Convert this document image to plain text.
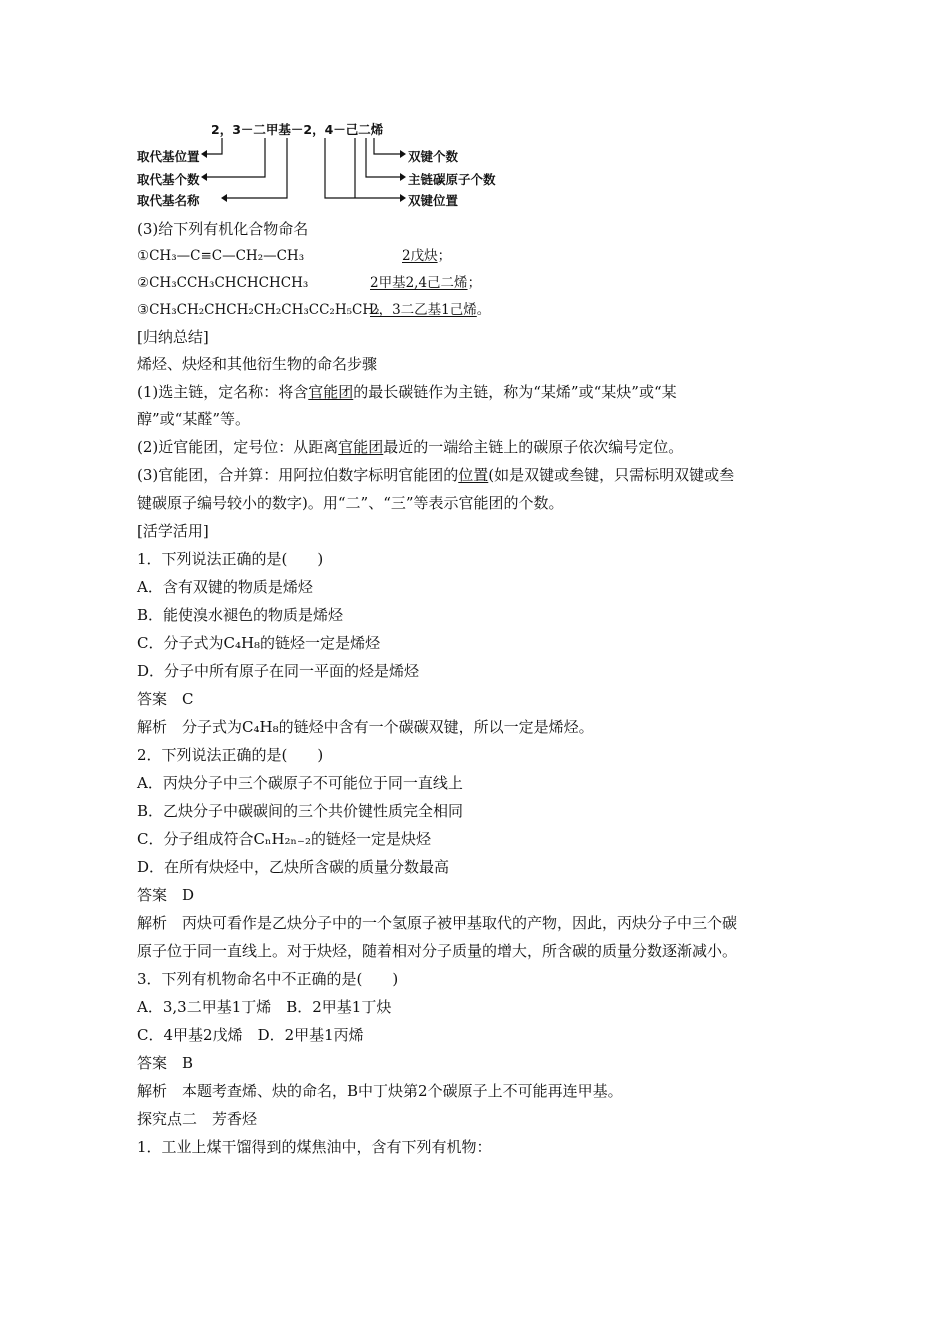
2，3－二甲基－2，4－己二烯
取代基位置
取代基个数
取代基名称
双键个数
主链碳原子个数
双键位置
(3)给下列有机化合物命名
①CH₃—C≡C—CH₂—CH₃	2戊炔；
②CH₃CCH₃CHCHCHCH₃	2甲基2,4己二烯；
③CH₃CH₂CHCH₂CH₂CH₃CC₂H₅CH₂
2，3二乙基1己烯。
[归纳总结]
烯烃、炔烃和其他衍生物的命名步骤
(1)选主链，定名称：将含官能团的最长碳链作为主链，称为“某烯”或“某炔”或“某
醇”或“某醛”等。
(2)近官能团，定号位：从距离官能团最近的一端给主链上的碳原子依次编号定位。
(3)官能团，合并算：用阿拉伯数字标明官能团的位置(如是双键或叁键，只需标明双键或叁
键碳原子编号较小的数字)。用“二”、“三”等表示官能团的个数。
[活学活用]
1．下列说法正确的是(　　)
A．含有双键的物质是烯烃
B．能使溴水褪色的物质是烯烃
C．分子式为C₄H₈的链烃一定是烯烃
D．分子中所有原子在同一平面的烃是烯烃
答案　C
解析　分子式为C₄H₈的链烃中含有一个碳碳双键，所以一定是烯烃。
2．下列说法正确的是(　　)
A．丙炔分子中三个碳原子不可能位于同一直线上
B．乙炔分子中碳碳间的三个共价键性质完全相同
C．分子组成符合CₙH₂ₙ₋₂的链烃一定是炔烃
D．在所有炔烃中，乙炔所含碳的质量分数最高
答案　D
解析　丙炔可看作是乙炔分子中的一个氢原子被甲基取代的产物，因此，丙炔分子中三个碳
原子位于同一直线上。对于炔烃，随着相对分子质量的增大，所含碳的质量分数逐渐减小。
3．下列有机物命名中不正确的是(　　)
A．3,3二甲基1丁烯　B．2甲基1丁炔
C．4甲基2戊烯　D．2甲基1丙烯
答案　B
解析　本题考查烯、炔的命名，B中丁炔第2个碳原子上不可能再连甲基。
探究点二　芳香烃
1．工业上煤干馏得到的煤焦油中，含有下列有机物：
